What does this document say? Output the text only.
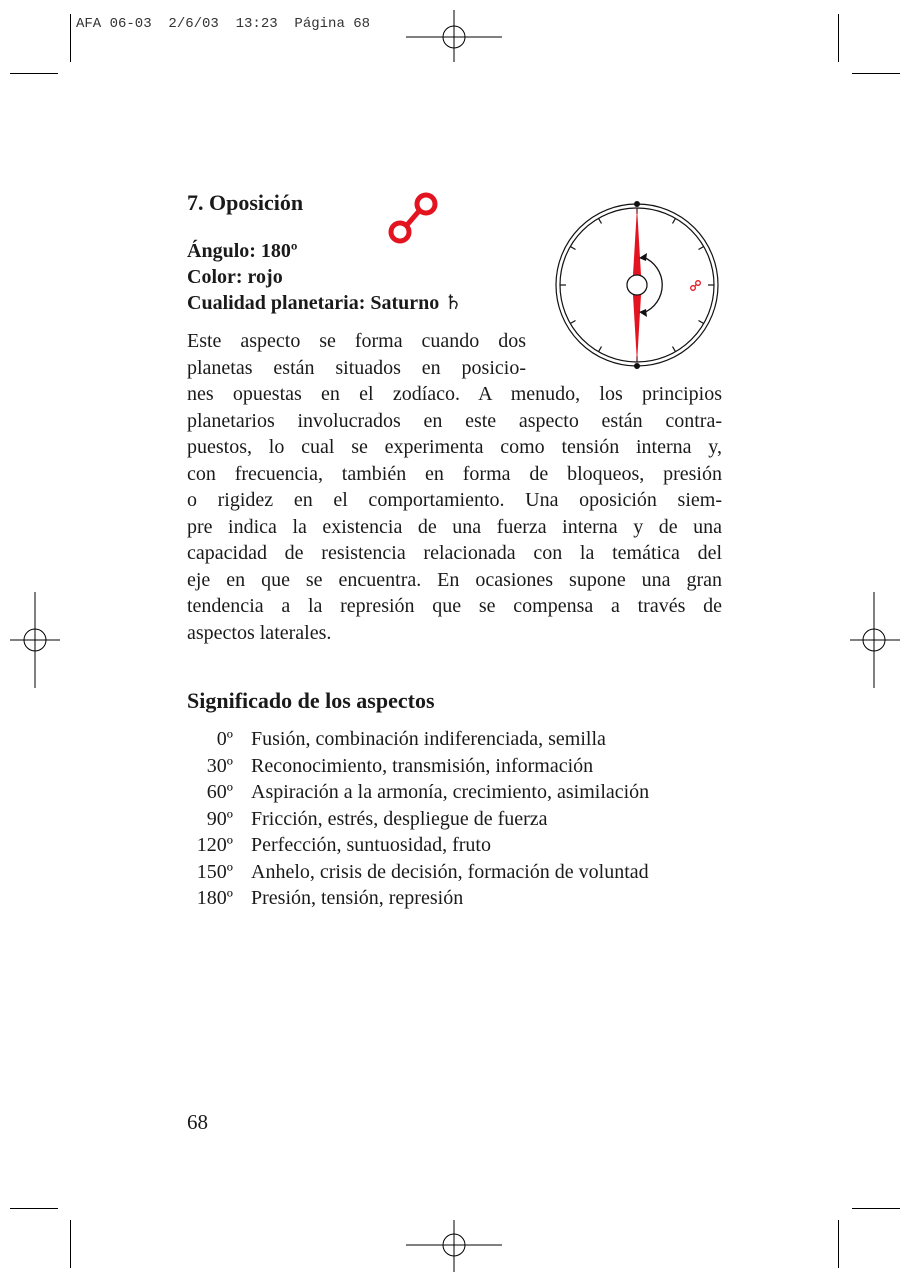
AFA 06-03  2/6/03  13:23  Página 68
7. Oposición
Ángulo: 180º
Color: rojo
Cualidad planetaria: Saturno ♄
Este aspecto se forma cuando dos
planetas están situados en posicio-
nes opuestas en el zodíaco. A menudo, los principios
planetarios involucrados en este aspecto están contra-
puestos, lo cual se experimenta como tensión interna y,
con frecuencia, también en forma de bloqueos, presión
o rigidez en el comportamiento. Una oposición siem-
pre indica la existencia de una fuerza interna y de una
capacidad de resistencia relacionada con la temática del
eje en que se encuentra. En ocasiones supone una gran
tendencia a la represión que se compensa a través de
aspectos laterales.
Significado de los aspectos
0º Fusión, combinación indiferenciada, semilla
30º Reconocimiento, transmisión, información
60º Aspiración a la armonía, crecimiento, asimilación
90º Fricción, estrés, despliegue de fuerza
120º Perfección, suntuosidad, fruto
150º Anhelo, crisis de decisión, formación de voluntad
180º Presión, tensión, represión
68
